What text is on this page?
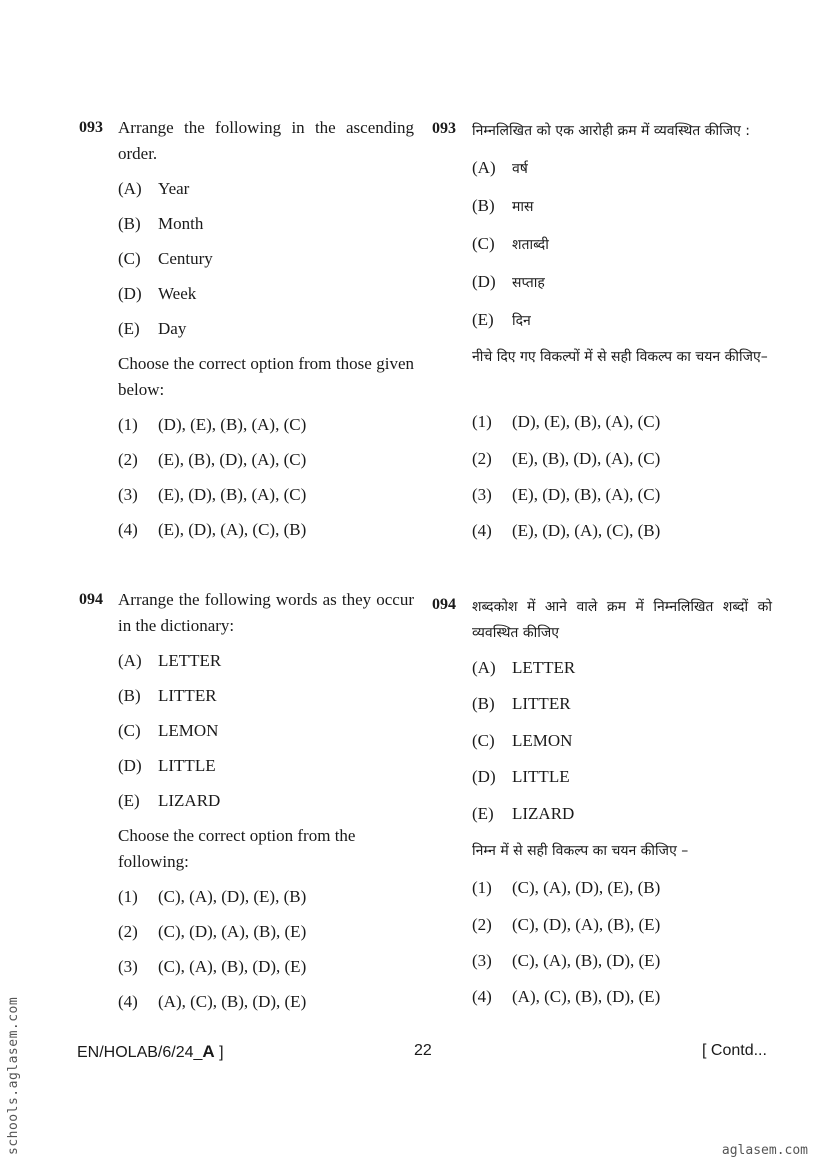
093 Arrange the following in the ascending order.
(A) Year
(B) Month
(C) Century
(D) Week
(E) Day
Choose the correct option from those given below:
(1) (D), (E), (B), (A), (C)
(2) (E), (B), (D), (A), (C)
(3) (E), (D), (B), (A), (C)
(4) (E), (D), (A), (C), (B)
093 निम्नलिखित को एक आरोही क्रम में व्यवस्थित कीजिए :
(A) वर्ष
(B) मास
(C) शताब्दी
(D) सप्ताह
(E) दिन
नीचे दिए गए विकल्पों में से सही विकल्प का चयन कीजिए–
(1) (D), (E), (B), (A), (C)
(2) (E), (B), (D), (A), (C)
(3) (E), (D), (B), (A), (C)
(4) (E), (D), (A), (C), (B)
094 Arrange the following words as they occur in the dictionary:
(A) LETTER
(B) LITTER
(C) LEMON
(D) LITTLE
(E) LIZARD
Choose the correct option from the following:
(1) (C), (A), (D), (E), (B)
(2) (C), (D), (A), (B), (E)
(3) (C), (A), (B), (D), (E)
(4) (A), (C), (B), (D), (E)
094 शब्दकोश में आने वाले क्रम में निम्नलिखित शब्दों को व्यवस्थित कीजिए
(A) LETTER
(B) LITTER
(C) LEMON
(D) LITTLE
(E) LIZARD
निम्न में से सही विकल्प का चयन कीजिए –
(1) (C), (A), (D), (E), (B)
(2) (C), (D), (A), (B), (E)
(3) (C), (A), (B), (D), (E)
(4) (A), (C), (B), (D), (E)
EN/HOLAB/6/24_A ]	22	[ Contd...
schools.aglasem.com	aglasem.com
